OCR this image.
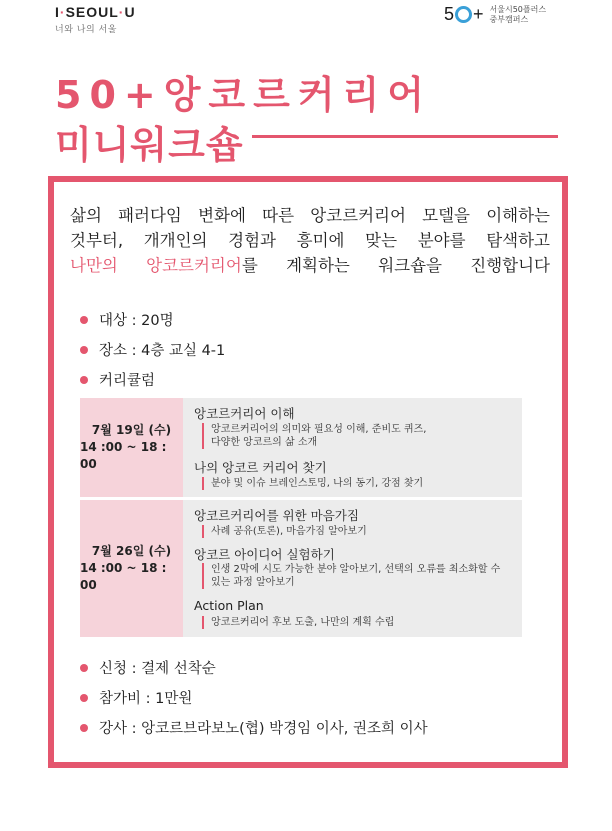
I·SEOUL·U
너와 나의 서울
5 + 서울시50플러스
중부캠퍼스
50+앙코르커리어
미니워크숍
삶의 패러다임 변화에 따른 앙코르커리어 모델을 이해하는
것부터, 개개인의 경험과 흥미에 맞는 분야를 탐색하고
나만의 앙코르커리어를 계획하는 워크숍을 진행합니다
대상 : 20명
장소 : 4층 교실 4-1
커리큘럼
7월 19일 (수)
14 :00 ~ 18 : 00
앙코르커리어 이해
앙코르커리어의 의미와 필요성 이해, 준비도 퀴즈,
다양한 앙코르의 삶 소개
나의 앙코르 커리어 찾기
분야 및 이슈 브레인스토밍, 나의 동기, 강점 찾기
7월 26일 (수)
14 :00 ~ 18 : 00
앙코르커리어를 위한 마음가짐
사례 공유(토론), 마음가짐 알아보기
앙코르 아이디어 실험하기
인생 2막에 시도 가능한 분야 알아보기, 선택의 오류를 최소화할 수
있는 과정 알아보기
Action Plan
앙코르커리어 후보 도출, 나만의 계획 수립
신청 : 결제 선착순
참가비 : 1만원
강사 : 앙코르브라보노(협) 박경임 이사, 권조희 이사
